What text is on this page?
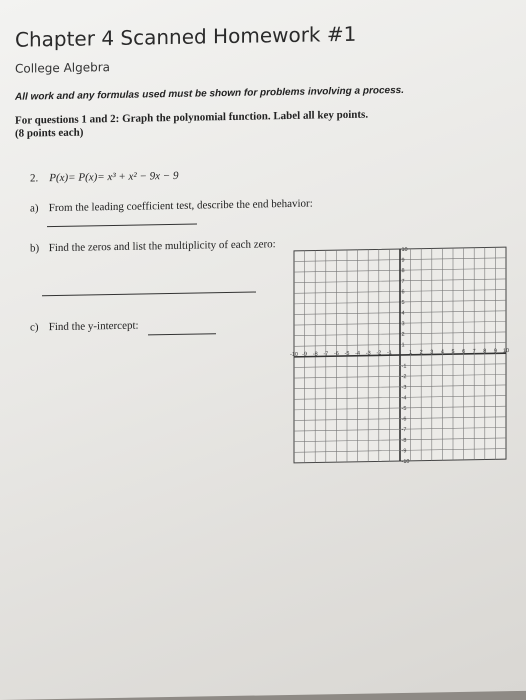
Chapter 4 Scanned Homework #1
College Algebra
All work and any formulas used must be shown for problems involving a process.
For questions 1 and 2: Graph the polynomial function. Label all key points.
(8 points each)
2. P(x)= P(x)= x³ + x² − 9x − 9
a) From the leading coefficient test, describe the end behavior:
b) Find the zeros and list the multiplicity of each zero:
c) Find the y-intercept:
-10 -9 -8 -7 -6 -5 -4 -3 -2 -1	1 2 3 4 5 6 7 8 9 10
10
9
8
7
6
5
4
3
2
1
-1
-2
-3
-4
-5
-6
-7
-8
-9
-10
